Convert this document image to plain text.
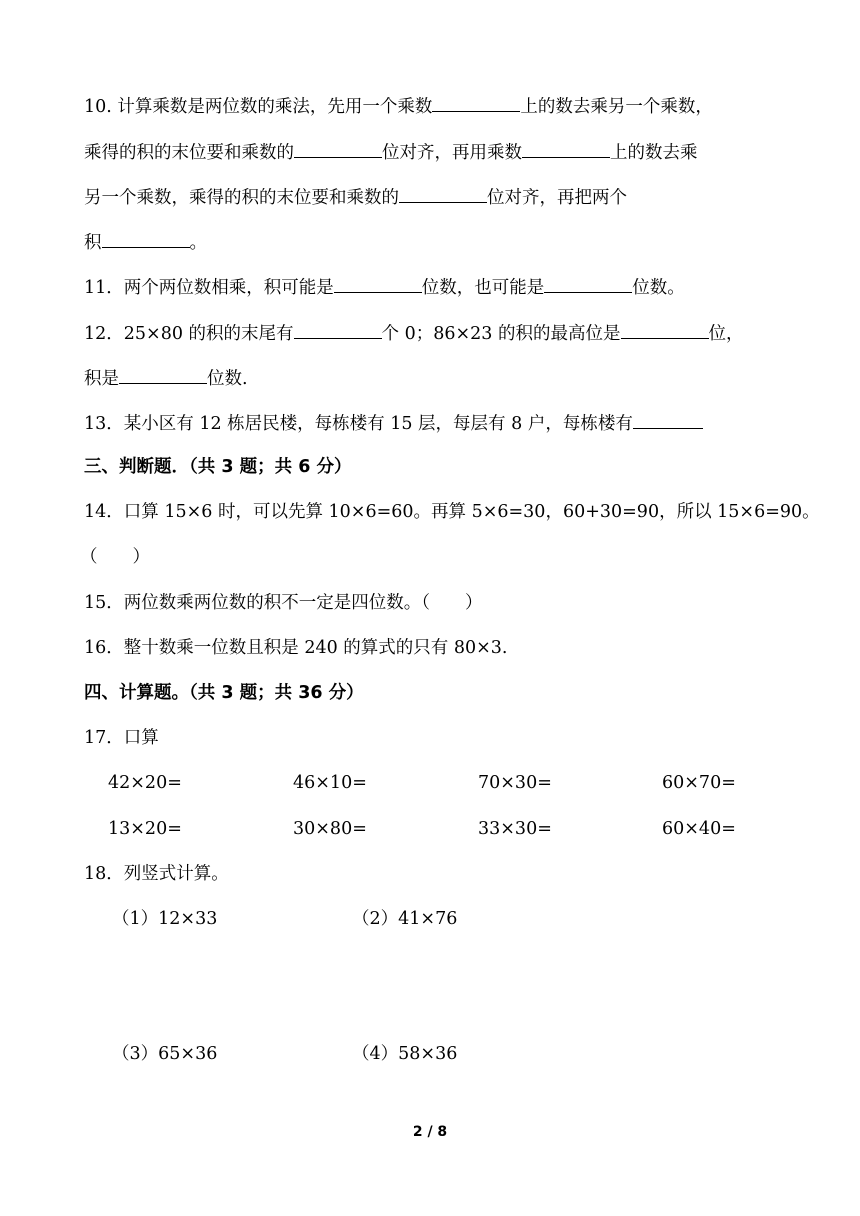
10. 计算乘数是两位数的乘法，先用一个乘数	上的数去乘另一个乘数，
乘得的积的末位要和乘数的	位对齐，再用乘数	上的数去乘
另一个乘数，乘得的积的末位要和乘数的	位对齐，再把两个
积	。
11．两个两位数相乘，积可能是	位数，也可能是	位数。
12．25×80 的积的末尾有	个 0；86×23 的积的最高位是	位，
积是	位数.
13．某小区有 12 栋居民楼，每栋楼有 15 层，每层有 8 户，每栋楼有
三、判断题．（共 3 题；共 6 分）
14．口算 15×6 时，可以先算 10×6=60。再算 5×6=30，60+30=90，所以 15×6=90。
（　　）
15．两位数乘两位数的积不一定是四位数。（　　）
16．整十数乘一位数且积是 240 的算式的只有 80×3.
四、计算题。（共 3 题；共 36 分）
17．口算
42×20=	46×10=	70×30=	60×70=
13×20=	30×80=	33×30=	60×40=
18．列竖式计算。
（1）12×33	（2）41×76
（3）65×36	（4）58×36
2 / 8
